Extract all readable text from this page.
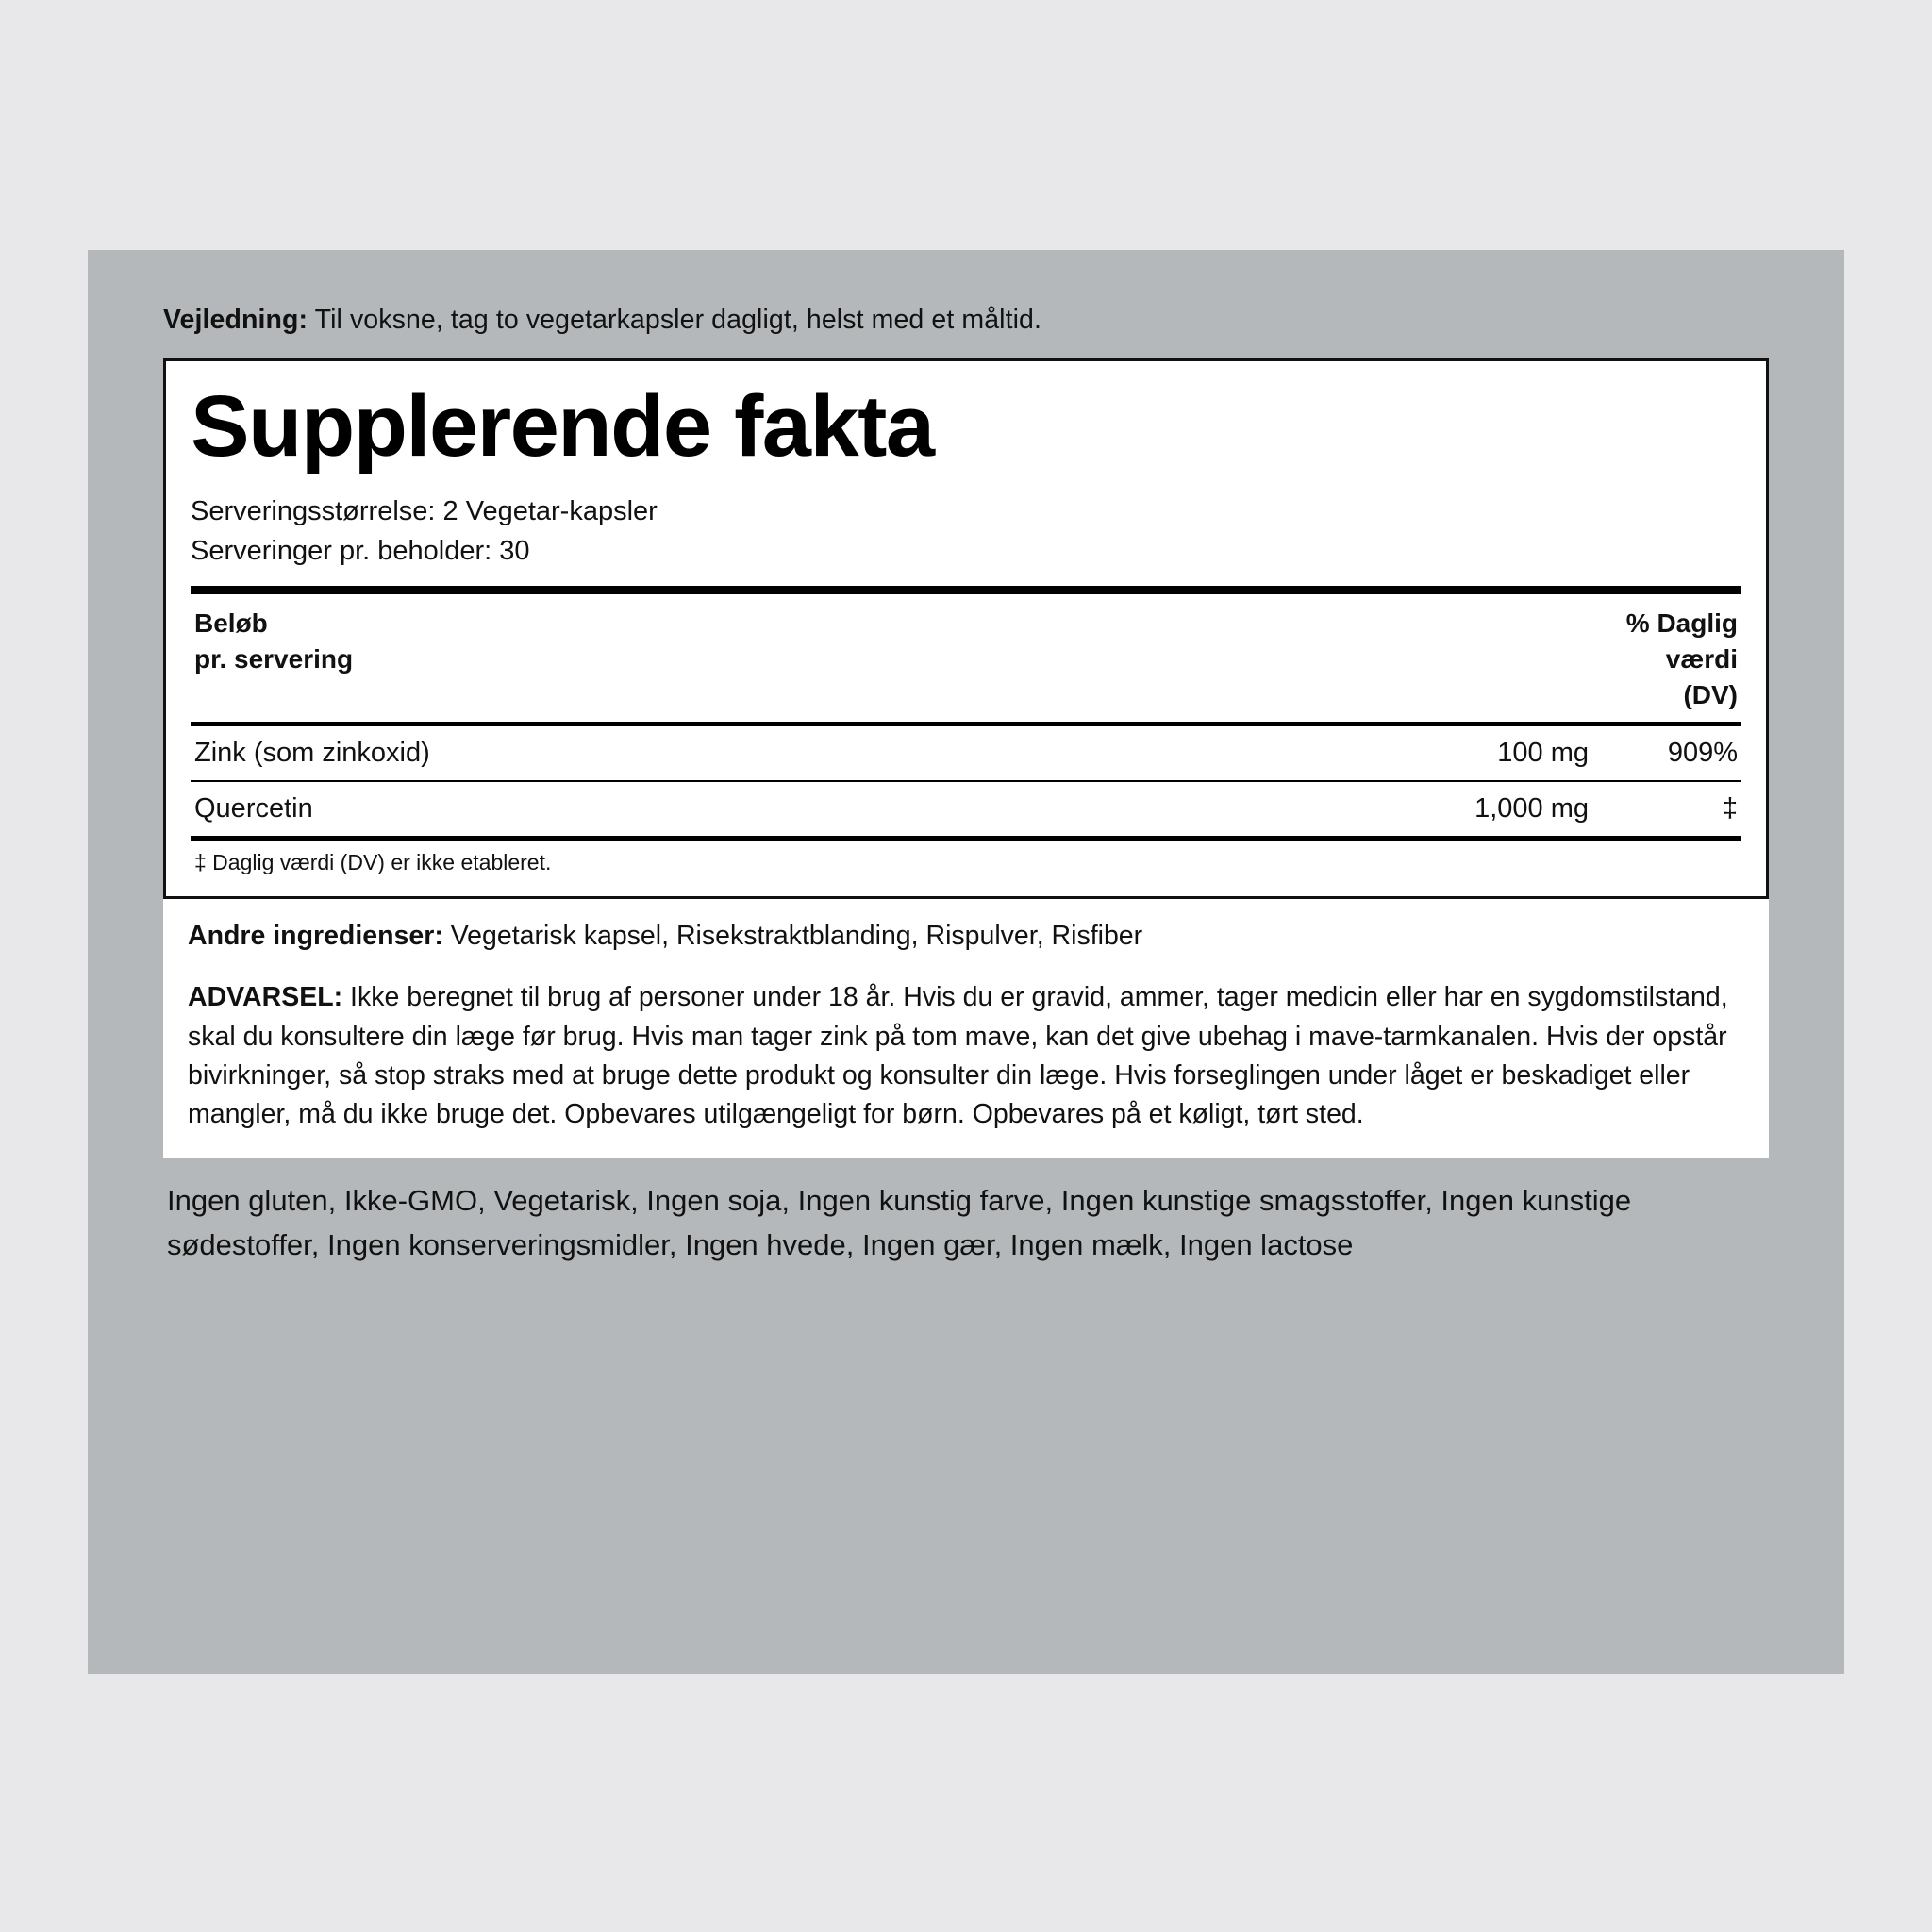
Vejledning: Til voksne, tag to vegetarkapsler dagligt, helst med et måltid.
Supplerende fakta
Serveringsstørrelse: 2 Vegetar-kapsler
Serveringer pr. beholder: 30
Beløb
pr. servering
% Daglig
værdi
(DV)
Zink (som zinkoxid)	100 mg	909%
Quercetin	1,000 mg	‡
‡ Daglig værdi (DV) er ikke etableret.
Andre ingredienser: Vegetarisk kapsel, Risekstraktblanding, Rispulver, Risfiber
ADVARSEL: Ikke beregnet til brug af personer under 18 år. Hvis du er gravid, ammer, tager medicin eller har en sygdomstilstand, skal du konsultere din læge før brug. Hvis man tager zink på tom mave, kan det give ubehag i mave-tarmkanalen. Hvis der opstår bivirkninger, så stop straks med at bruge dette produkt og konsulter din læge. Hvis forseglingen under låget er beskadiget eller mangler, må du ikke bruge det. Opbevares utilgængeligt for børn. Opbevares på et køligt, tørt sted.
Ingen gluten, Ikke-GMO, Vegetarisk, Ingen soja, Ingen kunstig farve, Ingen kunstige smagsstoffer, Ingen kunstige sødestoffer, Ingen konserveringsmidler, Ingen hvede, Ingen gær, Ingen mælk, Ingen lactose
